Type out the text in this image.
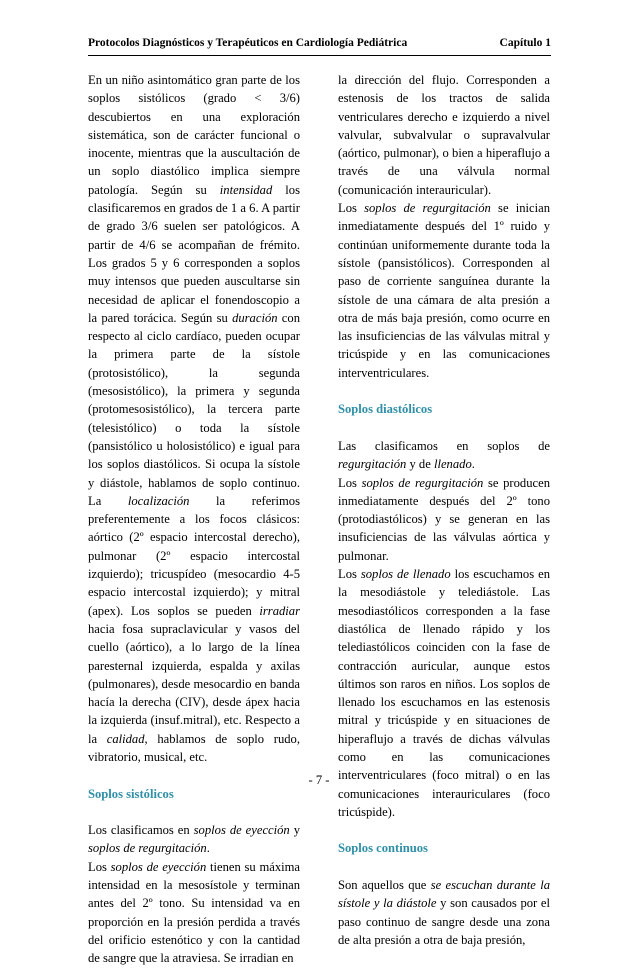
Protocolos Diagnósticos y Terapéuticos en Cardiología Pediátrica	Capítulo 1

En un niño asintomático gran parte de los soplos sistólicos (grado < 3/6) descubiertos en una exploración sistemática, son de carácter funcional o inocente, mientras que la auscultación de un soplo diastólico implica siempre patología. Según su intensidad los clasificaremos en grados de 1 a 6. A partir de grado 3/6 suelen ser patológicos. A partir de 4/6 se acompañan de frémito. Los grados 5 y 6 corresponden a soplos muy intensos que pueden auscultarse sin necesidad de aplicar el fonendoscopio a la pared torácica. Según su duración con respecto al ciclo cardíaco, pueden ocupar la primera parte de la sístole (protosistólico), la segunda (mesosistólico), la primera y segunda (protomesosistólico), la tercera parte (telesistólico) o toda la sístole (pansistólico u holosistólico) e igual para los soplos diastólicos. Si ocupa la sístole y diástole, hablamos de soplo continuo. La localización la referimos preferentemente a los focos clásicos: aórtico (2º espacio intercostal derecho), pulmonar (2º espacio intercostal izquierdo); tricuspídeo (mesocardio 4-5 espacio intercostal izquierdo); y mitral (apex). Los soplos se pueden irradiar hacia fosa supraclavicular y vasos del cuello (aórtico), a lo largo de la línea paresternal izquierda, espalda y axilas (pulmonares), desde mesocardio en banda hacía la derecha (CIV), desde ápex hacia la izquierda (insuf.mitral), etc. Respecto a la calidad, hablamos de soplo rudo, vibratorio, musical, etc.

Soplos sistólicos

Los clasificamos en soplos de eyección y soplos de regurgitación.

Los soplos de eyección tienen su máxima intensidad en la mesosístole y terminan antes del 2º tono. Su intensidad va en proporción en la presión perdida a través del orificio estenótico y con la cantidad de sangre que la atraviesa. Se irradian en

la dirección del flujo. Corresponden a estenosis de los tractos de salida ventriculares derecho e izquierdo a nivel valvular, subvalvular o supravalvular (aórtico, pulmonar), o bien a hiperaflujo a través de una válvula normal (comunicación interauricular).

Los soplos de regurgitación se inician inmediatamente después del 1º ruido y continúan uniformemente durante toda la sístole (pansistólicos). Corresponden al paso de corriente sanguínea durante la sístole de una cámara de alta presión a otra de más baja presión, como ocurre en las insuficiencias de las válvulas mitral y tricúspide y en las comunicaciones interventriculares.

Soplos diastólicos

Las clasificamos en soplos de regurgitación y de llenado.

Los soplos de regurgitación se producen inmediatamente después del 2º tono (protodiastólicos) y se generan en las insuficiencias de las válvulas aórtica y pulmonar.

Los soplos de llenado los escuchamos en la mesodiástole y telediástole. Las mesodiastólicos corresponden a la fase diastólica de llenado rápido y los telediastólicos coinciden con la fase de contracción auricular, aunque estos últimos son raros en niños. Los soplos de llenado los escuchamos en las estenosis mitral y tricúspide y en situaciones de hiperaflujo a través de dichas válvulas como en las comunicaciones interventriculares (foco mitral) o en las comunicaciones interauriculares (foco tricúspide).

Soplos continuos

Son aquellos que se escuchan durante la sístole y la diástole y son causados por el paso continuo de sangre desde una zona de alta presión a otra de baja presión,

- 7 -
